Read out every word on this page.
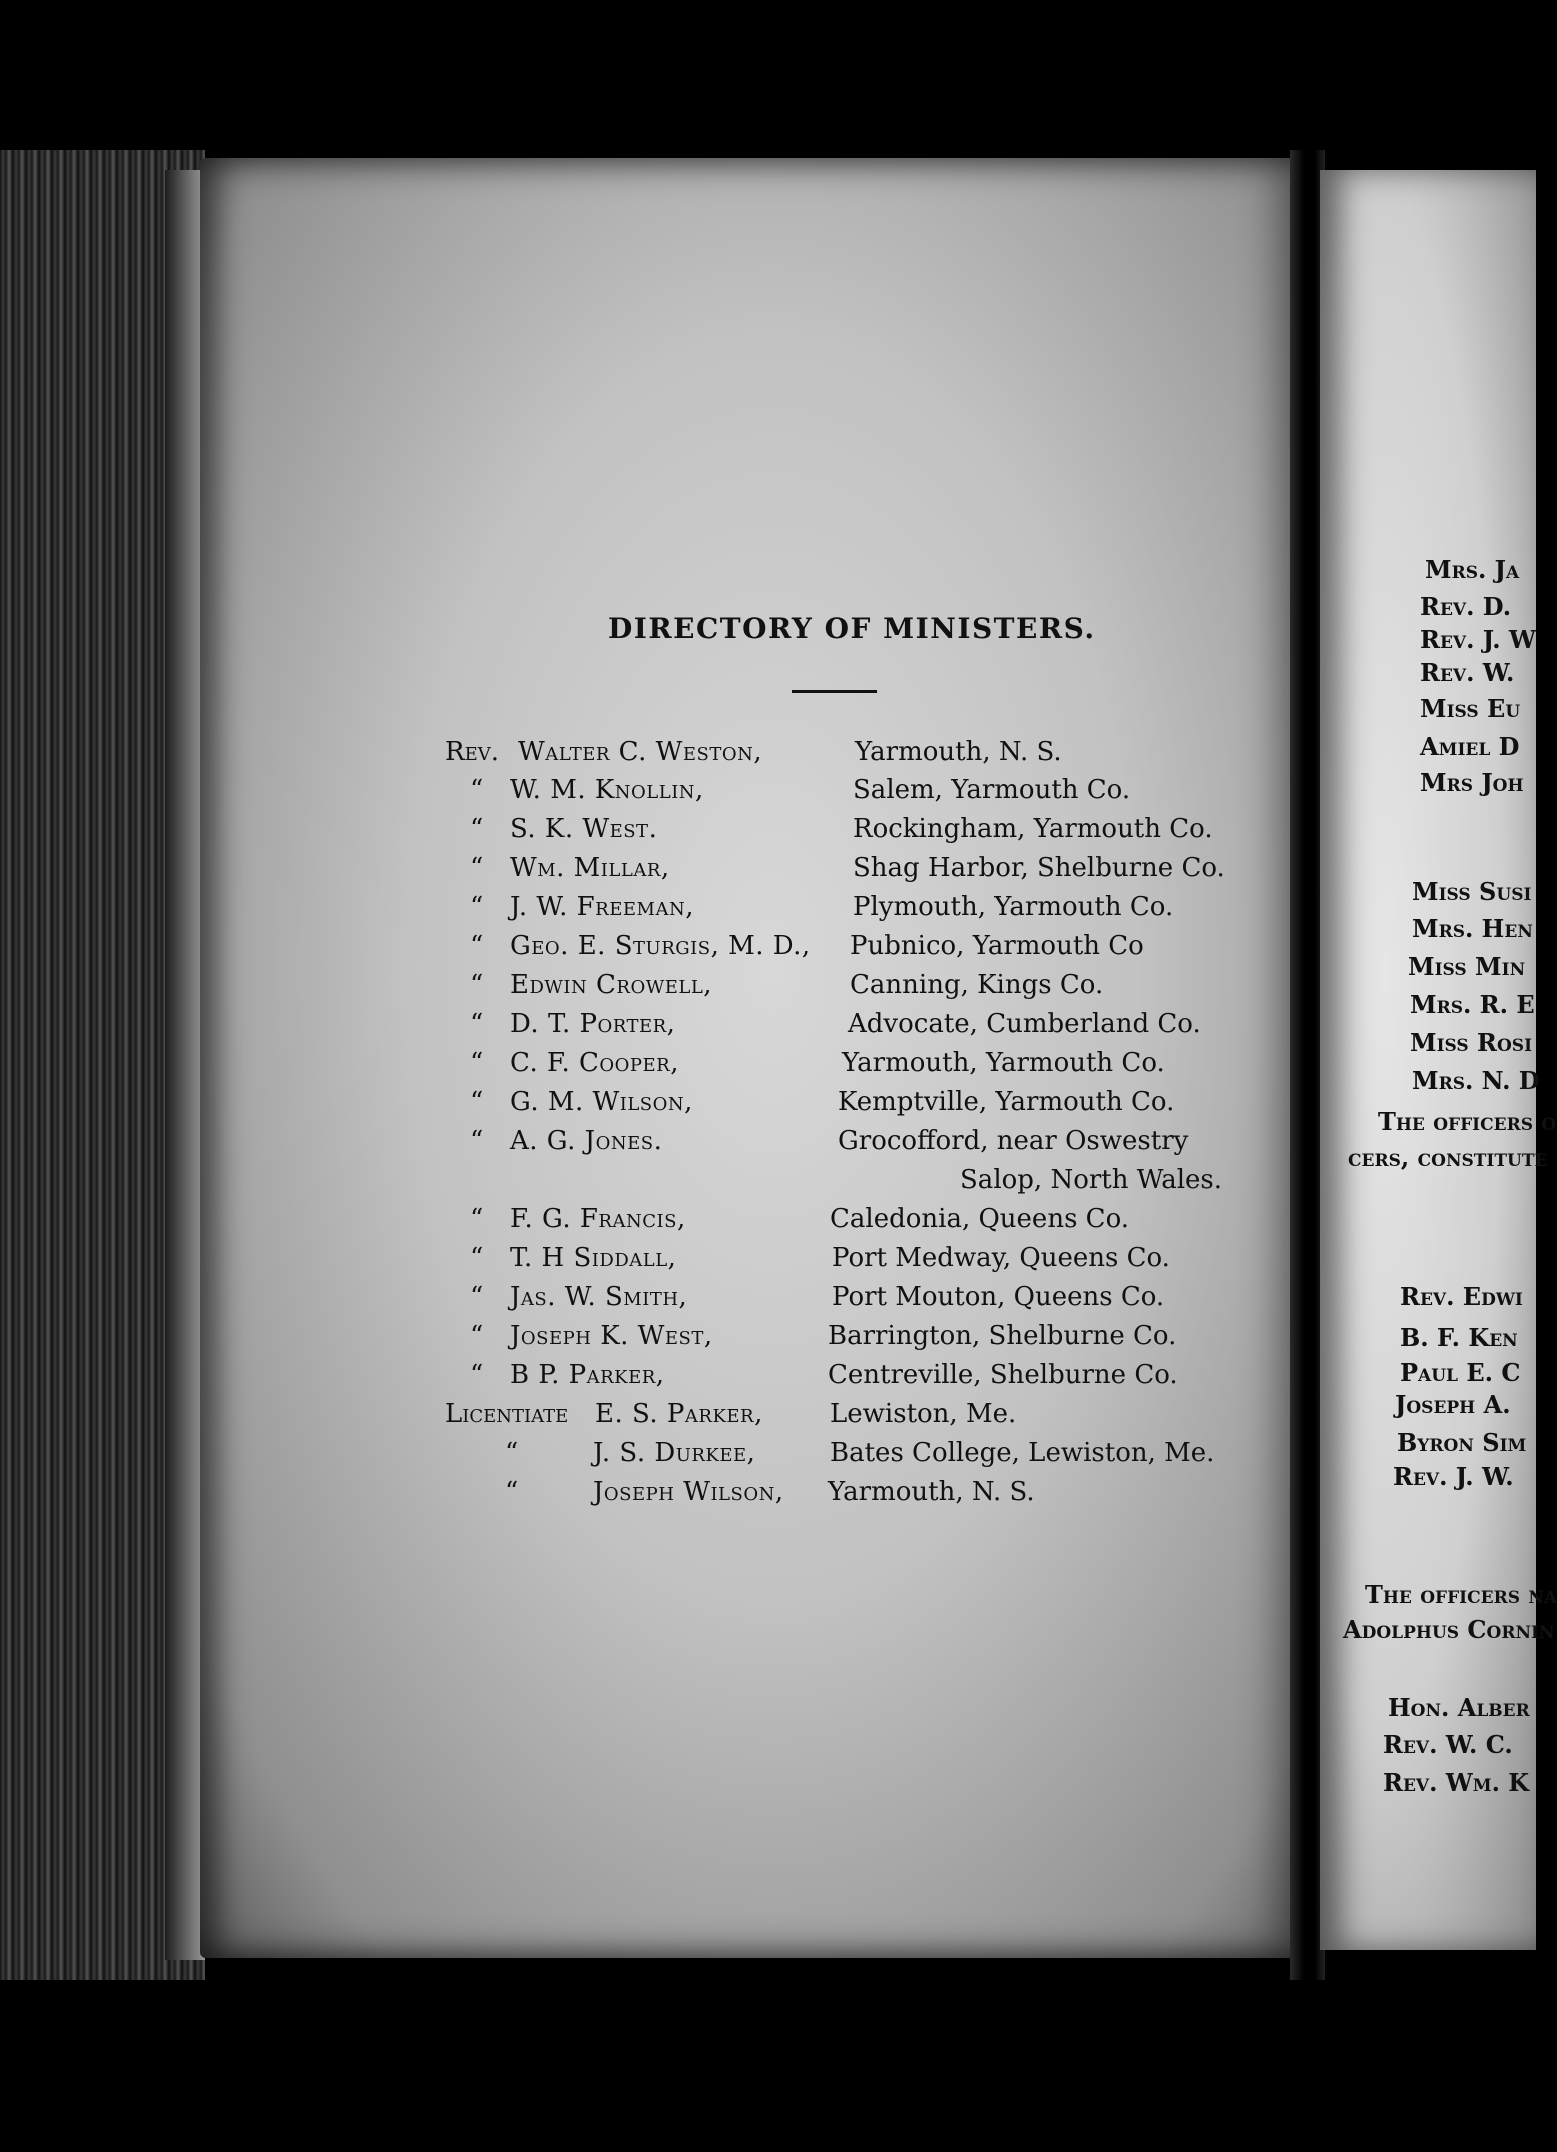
DIRECTORY OF MINISTERS.
Rev. Walter C. Weston,	Yarmouth, N. S.
“ W. M. Knollin,	Salem, Yarmouth Co.
“ S. K. West.	Rockingham, Yarmouth Co.
“ Wm. Millar,	Shag Harbor, Shelburne Co.
“ J. W. Freeman,	Plymouth, Yarmouth Co.
“ Geo. E. Sturgis, M. D., Pubnico, Yarmouth Co
“ Edwin Crowell,	Canning, Kings Co.
“ D. T. Porter,	Advocate, Cumberland Co.
“ C. F. Cooper,	Yarmouth, Yarmouth Co.
“ G. M. Wilson,	Kemptville, Yarmouth Co.
“ A. G. Jones.	Grocofford, near Oswestry
Salop, North Wales.
“ F. G. Francis,	Caledonia, Queens Co.
“ T. H Siddall,	Port Medway, Queens Co.
“ Jas. W. Smith,	Port Mouton, Queens Co.
“ Joseph K. West,	Barrington, Shelburne Co.
“ B P. Parker,	Centreville, Shelburne Co.
Licentiate E. S. Parker,	Lewiston, Me.
“	J. S. Durkee,	Bates College, Lewiston, Me.
“	Joseph Wilson, Yarmouth, N. S.
Mrs. Ja
Rev. D.
Rev. J. W
Rev. W.
Miss Eu
Amiel D
Mrs Joh
Miss Susi
Mrs. Hen
Miss Min
Mrs. R. E
Miss Rosi
Mrs. N. D
The officers o
cers, constitute
Rev. Edwi
B. F. Ken
Paul E. C
Joseph A.
Byron Sim
Rev. J. W.
The officers na
Adolphus Cornin
Hon. Alber
Rev. W. C.
Rev. Wm. K
